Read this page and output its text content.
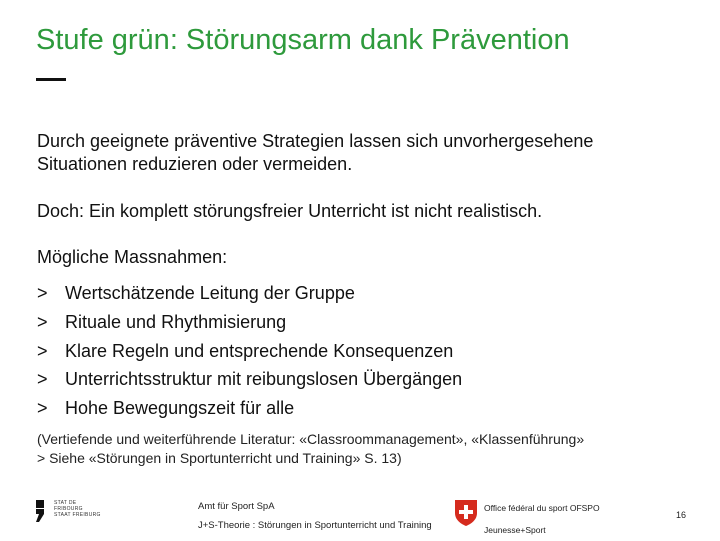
Stufe grün: Störungsarm dank Prävention
Durch geeignete präventive Strategien lassen sich unvorhergesehene Situationen reduzieren oder vermeiden.
Doch: Ein komplett störungsfreier Unterricht ist nicht realistisch.
Mögliche Massnahmen:
> Wertschätzende Leitung der Gruppe
> Rituale und Rhythmisierung
> Klare Regeln und entsprechende Konsequenzen
> Unterrichtsstruktur mit reibungslosen Übergängen
> Hohe Bewegungszeit für alle
(Vertiefende und weiterführende Literatur: «Classroommanagement», «Klassenführung»
> Siehe «Störungen in Sportunterricht und Training» S. 13)
STAT DE FRIBOURG
STAAT FREIBURG
Amt für Sport SpA
J+S-Theorie : Störungen in Sportunterricht und Training
Office fédéral du sport OFSPO
Jeunesse+Sport
16
